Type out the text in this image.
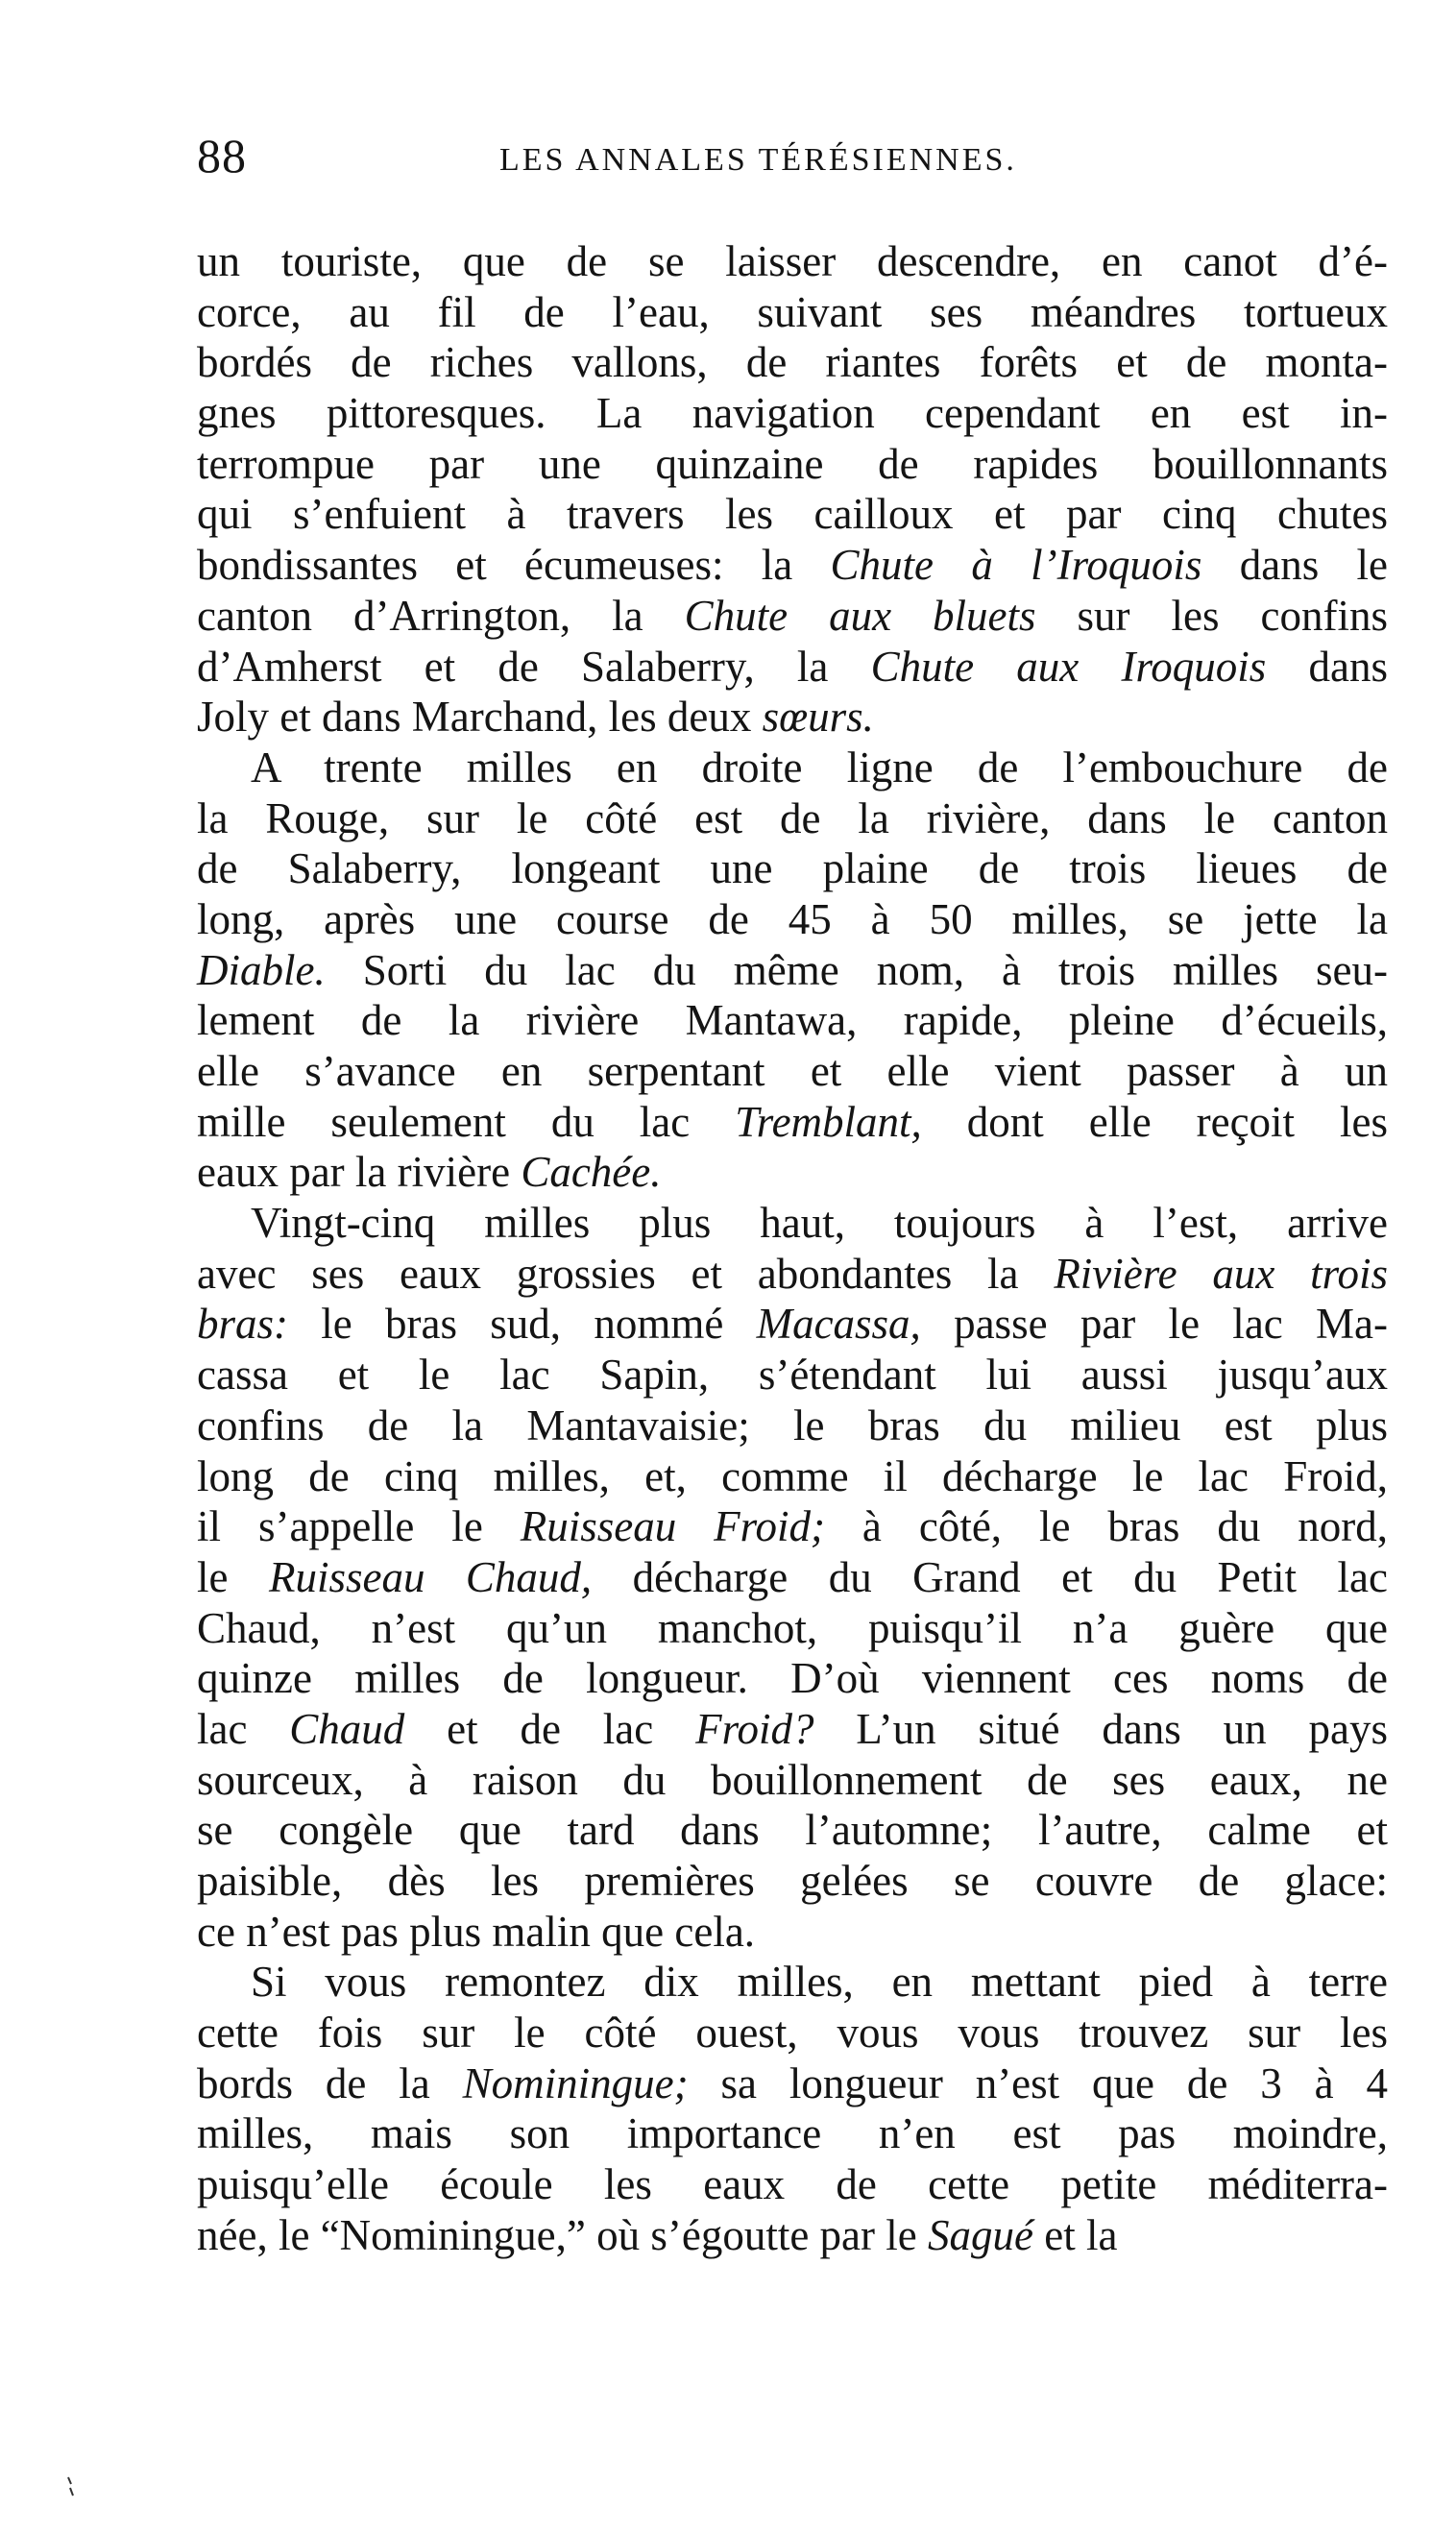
88	LES ANNALES TÉRÉSIENNES.
un touriste, que de se laisser descendre, en canot d’é-
corce, au fil de l’eau, suivant ses méandres tortueux
bordés de riches vallons, de riantes forêts et de monta-
gnes pittoresques. La navigation cependant en est in-
terrompue par une quinzaine de rapides bouillonnants
qui s’enfuient à travers les cailloux et par cinq chutes
bondissantes et écumeuses: la Chute à l’Iroquois dans le
canton d’Arrington, la Chute aux bluets sur les confins
d’Amherst et de Salaberry, la Chute aux Iroquois dans
Joly et dans Marchand, les deux sœurs.
A trente milles en droite ligne de l’embouchure de
la Rouge, sur le côté est de la rivière, dans le canton
de Salaberry, longeant une plaine de trois lieues de
long, après une course de 45 à 50 milles, se jette la
Diable. Sorti du lac du même nom, à trois milles seu-
lement de la rivière Mantawa, rapide, pleine d’écueils,
elle s’avance en serpentant et elle vient passer à un
mille seulement du lac Tremblant, dont elle reçoit les
eaux par la rivière Cachée.
Vingt-cinq milles plus haut, toujours à l’est, arrive
avec ses eaux grossies et abondantes la Rivière aux trois
bras: le bras sud, nommé Macassa, passe par le lac Ma-
cassa et le lac Sapin, s’étendant lui aussi jusqu’aux
confins de la Mantavaisie; le bras du milieu est plus
long de cinq milles, et, comme il décharge le lac Froid,
il s’appelle le Ruisseau Froid; à côté, le bras du nord,
le Ruisseau Chaud, décharge du Grand et du Petit lac
Chaud, n’est qu’un manchot, puisqu’il n’a guère que
quinze milles de longueur. D’où viennent ces noms de
lac Chaud et de lac Froid? L’un situé dans un pays
sourceux, à raison du bouillonnement de ses eaux, ne
se congèle que tard dans l’automne; l’autre, calme et
paisible, dès les premières gelées se couvre de glace:
ce n’est pas plus malin que cela.
Si vous remontez dix milles, en mettant pied à terre
cette fois sur le côté ouest, vous vous trouvez sur les
bords de la Nominingue; sa longueur n’est que de 3 à 4
milles, mais son importance n’en est pas moindre,
puisqu’elle écoule les eaux de cette petite méditerra-
née, le “Nominingue,” où s’égoutte par le Sagué et la
